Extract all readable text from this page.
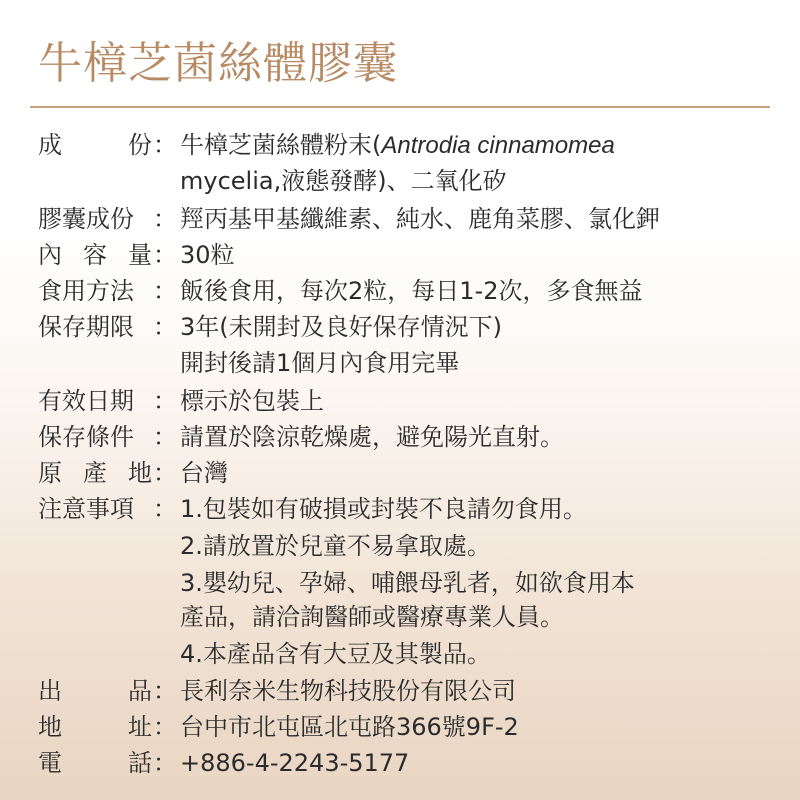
牛樟芝菌絲體膠囊
成	份 ： 牛樟芝菌絲體粉末(Antrodia cinnamomea
mycelia,液態發酵)、二氧化矽
膠囊成份 ： 羥丙基甲基纖維素、純水、鹿角菜膠、氯化鉀
內 容 量 ： 30粒
食用方法 ： 飯後食用，每次2粒，每日1-2次，多食無益
保存期限 ： 3年(未開封及良好保存情況下)
開封後請1個月內食用完畢
有效日期 ： 標示於包裝上
保存條件 ： 請置於陰涼乾燥處，避免陽光直射。
原 產 地 ： 台灣
注意事項 ： 1.包裝如有破損或封裝不良請勿食用。
2.請放置於兒童不易拿取處。
3.嬰幼兒、孕婦、哺餵母乳者，如欲食用本
產品，請洽詢醫師或醫療專業人員。
4.本產品含有大豆及其製品。
出	品 ： 長利奈米生物科技股份有限公司
地	址 ： 台中市北屯區北屯路366號9F-2
電	話 ： +886-4-2243-5177
